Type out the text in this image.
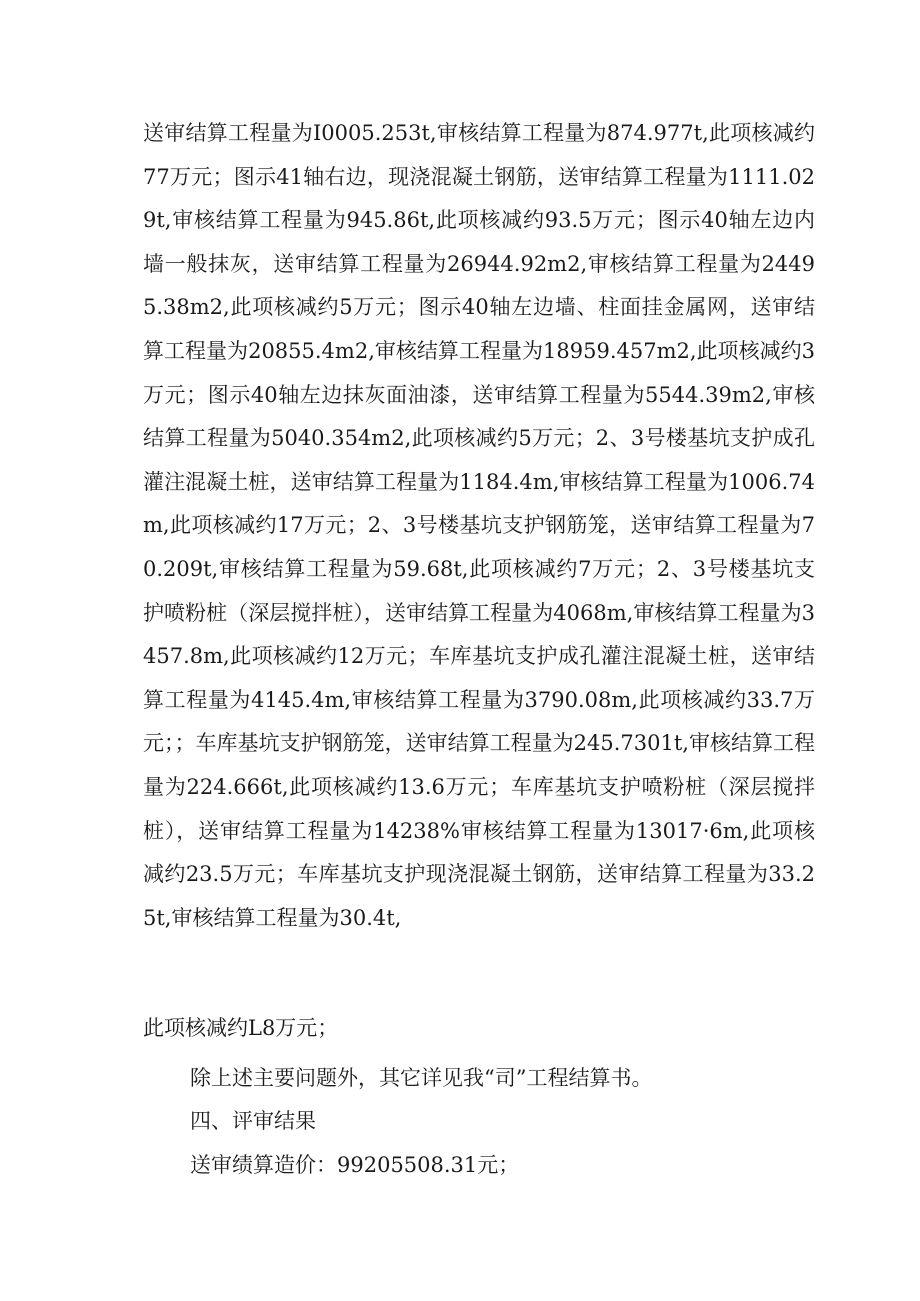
送审结算工程量为I0005.253t,审核结算工程量为874.977t,此项核减约77万元；图示41轴右边，现浇混凝土钢筋，送审结算工程量为1111.029t,审核结算工程量为945.86t,此项核减约93.5万元；图示40轴左边内墙一般抹灰，送审结算工程量为26944.92m2,审核结算工程量为24495.38m2,此项核减约5万元；图示40轴左边墙、柱面挂金属网，送审结算工程量为20855.4m2,审核结算工程量为18959.457m2,此项核减约3万元；图示40轴左边抹灰面油漆，送审结算工程量为5544.39m2,审核结算工程量为5040.354m2,此项核减约5万元；2、3号楼基坑支护成孔灌注混凝土桩，送审结算工程量为1184.4m,审核结算工程量为1006.74m,此项核减约17万元；2、3号楼基坑支护钢筋笼，送审结算工程量为70.209t,审核结算工程量为59.68t,此项核减约7万元；2、3号楼基坑支护喷粉桩（深层搅拌桩），送审结算工程量为4068m,审核结算工程量为3457.8m,此项核减约12万元；车库基坑支护成孔灌注混凝土桩，送审结算工程量为4145.4m,审核结算工程量为3790.08m,此项核减约33.7万元；；车库基坑支护钢筋笼，送审结算工程量为245.7301t,审核结算工程量为224.666t,此项核减约13.6万元；车库基坑支护喷粉桩（深层搅拌桩），送审结算工程量为14238%审核结算工程量为13017·6m,此项核减约23.5万元；车库基坑支护现浇混凝土钢筋，送审结算工程量为33.25t,审核结算工程量为30.4t,

此项核减约L8万元；

除上述主要问题外，其它详见我“司”工程结算书。

四、评审结果

送审绩算造价：99205508.31元；
